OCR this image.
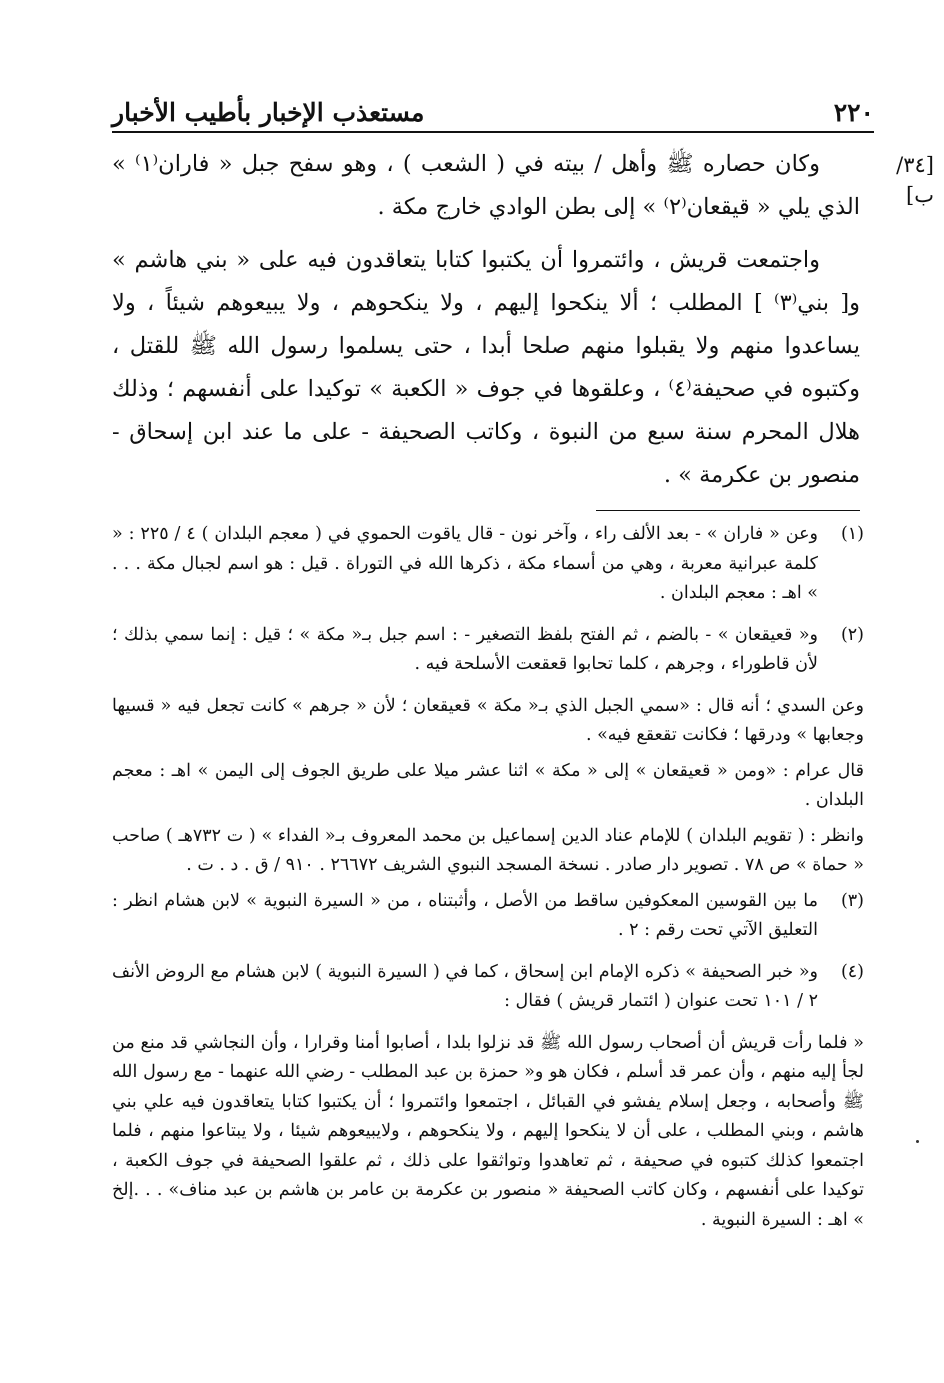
٢٢٠
مستعذب الإخبار بأطيب الأخبار
[٣٤/ب]

وكان حصاره ﷺ وأهل / بيته في ( الشعب ) ، وهو سفح جبل « فاران⁽١⁾ » الذي يلي « قيقعان⁽٢⁾ » إلى بطن الوادي خارج مكة .

واجتمعت قريش ، وائتمروا أن يكتبوا كتابا يتعاقدون فيه على « بني هاشم » و[ بني⁽٣⁾ ] المطلب ؛ ألا ينكحوا إليهم ، ولا ينكحوهم ، ولا يبيعوهم شيئاً ، ولا يساعدوا منهم ولا يقبلوا منهم صلحا أبدا ، حتى يسلموا رسول الله ﷺ للقتل ، وكتبوه في صحيفة⁽٤⁾ ، وعلقوها في جوف « الكعبة » توكيدا على أنفسهم ؛ وذلك هلال المحرم سنة سبع من النبوة ، وكاتب الصحيفة - على ما عند ابن إسحاق - منصور بن عكرمة » .

(١)

وعن « فاران » - بعد الألف راء ، وآخر نون - قال ياقوت الحموي في ( معجم البلدان ) ٤ / ٢٢٥ : « كلمة عبرانية معربة ، وهي من أسماء مكة ، ذكرها الله في التوراة . قيل : هو اسم لجبال مكة . . . » اهـ : معجم البلدان .

(٢)

و« قعيقعان » - بالضم ، ثم الفتح بلفظ التصغير - : اسم جبل بـ« مكة » ؛ قيل : إنما سمي بذلك ؛ لأن قاطوراء ، وجرهم ، كلما تحابوا قعقعت الأسلحة فيه .

وعن السدي ؛ أنه قال : «سمي الجبل الذي بـ« مكة » قعيقعان ؛ لأن « جرهم » كانت تجعل فيه « قسيها وجعابها » ودرقها ؛ فكانت تقعقع فيه» .

قال عرام : «ومن « قعيقعان » إلى « مكة » اثنا عشر ميلا على طريق الجوف إلى اليمن » اهـ : معجم البلدان .

وانظر : ( تقويم البلدان ) للإمام عناد الدين إسماعيل بن محمد المعروف بـ« الفداء » ( ت ٧٣٢هـ ) صاحب « حماة » ص ٧٨ . تصوير دار صادر . نسخة المسجد النبوي الشريف ٢٦٦٧٢ . ٩١٠ / ق . د . ت .

(٣)

ما بين القوسين المعكوفين ساقط من الأصل ، وأثبتناه ، من « السيرة النبوية » لابن هشام انظر : التعليق الآتي تحت رقم : ٢ .

(٤)

و« خبر الصحيفة » ذكره الإمام ابن إسحاق ، كما في ( السيرة النبوية ) لابن هشام مع الروض الأنف ٢ / ١٠١ تحت عنوان ( ائتمار قريش ) فقال :

« فلما رأت قريش أن أصحاب رسول الله ﷺ قد نزلوا بلدا ، أصابوا أمنا وقرارا ، وأن النجاشي قد منع من لجأ إليه منهم ، وأن عمر قد أسلم ، فكان هو و« حمزة بن عبد المطلب - رضي الله عنهما - مع رسول الله ﷺ وأصحابه ، وجعل إسلام يفشو في القبائل ، اجتمعوا وائتمروا ؛ أن يكتبوا كتابا يتعاقدون فيه علي بني هاشم ، وبني المطلب ، على أن لا ينكحوا إليهم ، ولا ينكحوهم ، ولايبيعوهم شيئا ، ولا يبتاعوا منهم ، فلما اجتمعوا كذلك كتبوه في صحيفة ، ثم تعاهدوا وتواثقوا على ذلك ، ثم علقوا الصحيفة في جوف الكعبة ، توكيدا على أنفسهم ، وكان كاتب الصحيفة « منصور بن عكرمة بن عامر بن هاشم بن عبد مناف» . . .إلخ » اهـ : السيرة النبوية .
